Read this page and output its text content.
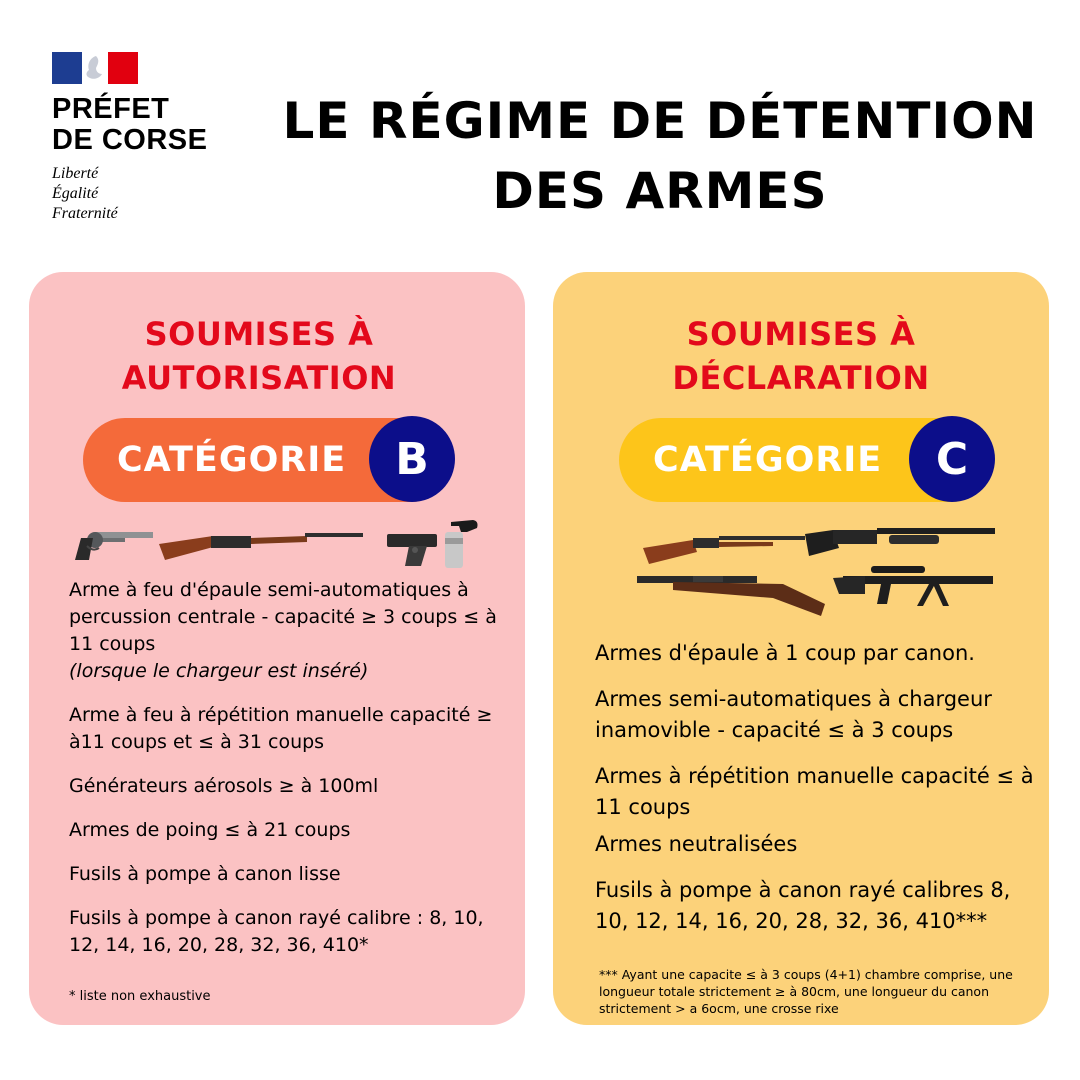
PRÉFET
DE CORSE
Liberté
Égalité
Fraternité
LE RÉGIME DE DÉTENTION
DES ARMES
SOUMISES À
AUTORISATION
CATÉGORIE	B
Arme à feu d'épaule semi-automatiques à percussion centrale - capacité ≥ 3 coups ≤ à 11 coups
(lorsque le chargeur est inséré)
Arme à feu à répétition manuelle capacité ≥ à11 coups et ≤ à 31 coups
Générateurs aérosols ≥ à 100ml
Armes de poing ≤ à 21 coups
Fusils à pompe à canon lisse
Fusils à pompe à canon rayé calibre : 8, 10, 12, 14, 16, 20, 28, 32, 36, 410*
* liste non exhaustive
SOUMISES À
DÉCLARATION
CATÉGORIE	C
Armes d'épaule à 1 coup par canon.
Armes semi-automatiques à chargeur inamovible - capacité ≤ à 3 coups
Armes à répétition manuelle capacité ≤ à 11 coups
Armes neutralisées
Fusils à pompe à canon rayé calibres 8, 10, 12, 14, 16, 20, 28, 32, 36, 410***
*** Ayant une capacite ≤ à 3 coups (4+1) chambre comprise, une longueur totale strictement ≥ à 80cm, une longueur du canon strictement > a 6ocm, une crosse rixe
